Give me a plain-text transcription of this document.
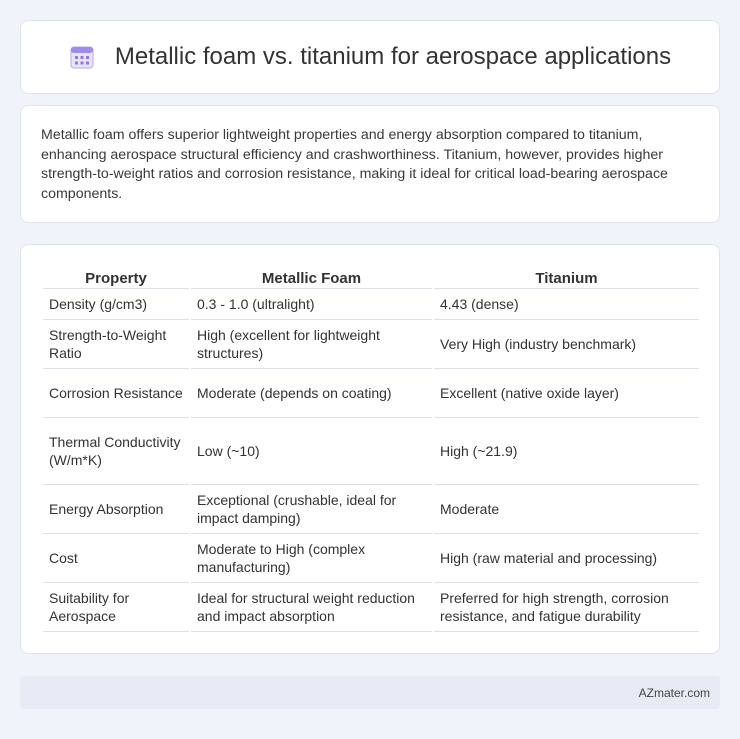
Metallic foam vs. titanium for aerospace applications

Metallic foam offers superior lightweight properties and energy absorption compared to titanium, enhancing aerospace structural efficiency and crashworthiness. Titanium, however, provides higher strength-to-weight ratios and corrosion resistance, making it ideal for critical load-bearing aerospace components.

Property	Metallic Foam	Titanium
Density (g/cm3)	0.3 - 1.0 (ultralight)	4.43 (dense)
Strength-to-Weight Ratio	High (excellent for lightweight structures)	Very High (industry benchmark)
Corrosion Resistance	Moderate (depends on coating)	Excellent (native oxide layer)
Thermal Conductivity (W/m*K)	Low (~10)	High (~21.9)
Energy Absorption	Exceptional (crushable, ideal for impact damping)	Moderate
Cost	Moderate to High (complex manufacturing)	High (raw material and processing)
Suitability for Aerospace	Ideal for structural weight reduction and impact absorption	Preferred for high strength, corrosion resistance, and fatigue durability
AZmater.com
